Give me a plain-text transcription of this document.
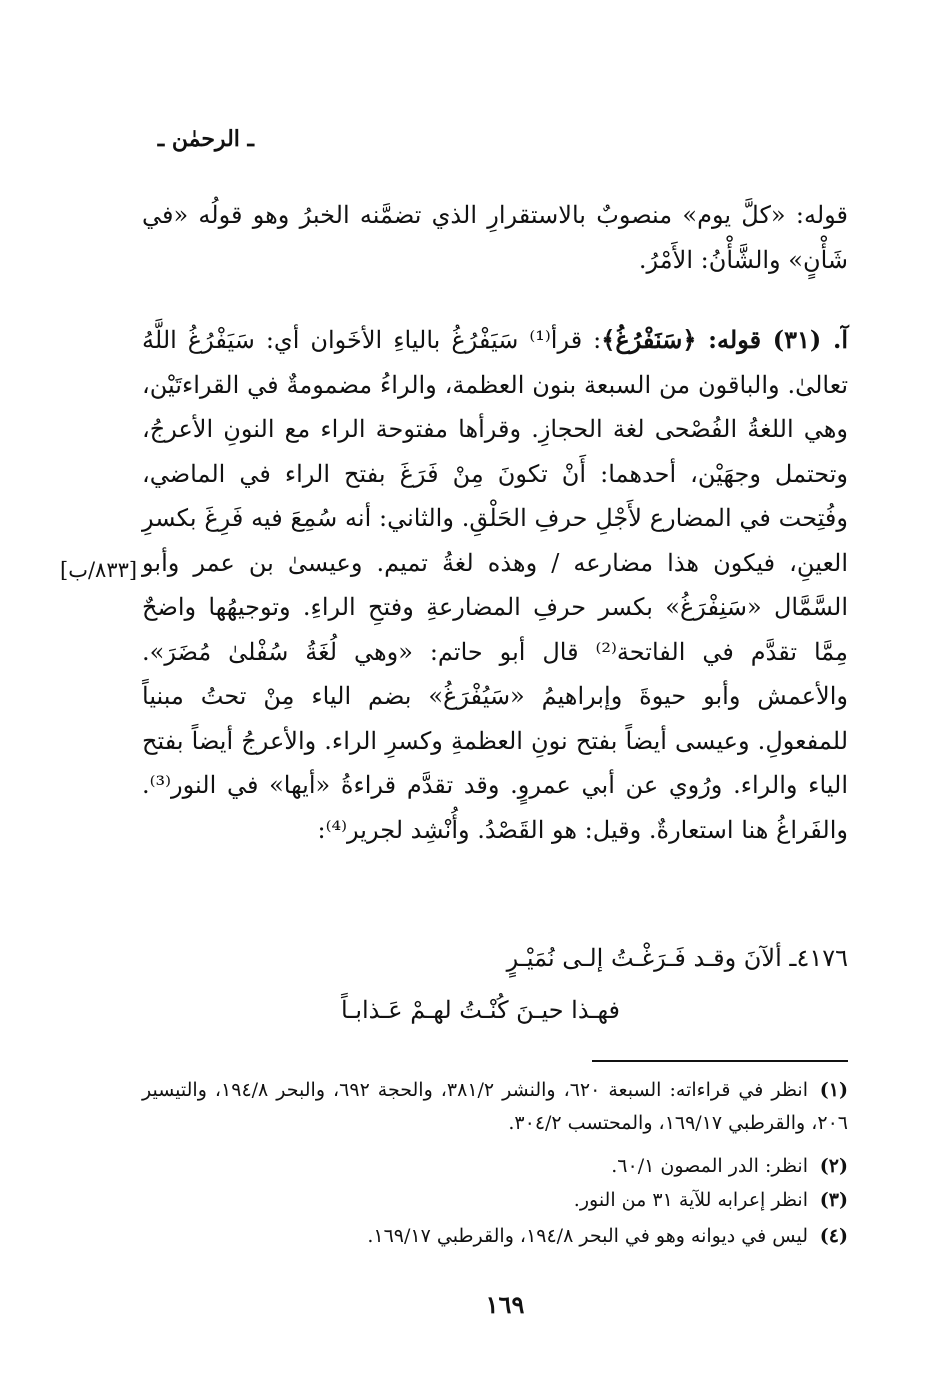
ـ الرحمٰن ـ

قوله: «كلَّ يوم» منصوبٌ بالاستقرارِ الذي تضمَّنه الخبرُ وهو قولُه «في شَأْنٍ» والشَّأْنُ: الأَمْرُ.

آ. (٣١) قوله: ﴿سَنَفْرُغُ﴾: قرأ⁽¹⁾ سَيَفْرُغُ بالياءِ الأخَوان أي: سَيَفْرُغُ اللَّهُ تعالىٰ. والباقون من السبعة بنون العظمة، والراءُ مضمومةٌ في القراءتَيْن، وهي اللغةُ الفُصْحى لغة الحجازِ. وقرأها مفتوحة الراء مع النونِ الأعرجُ، وتحتمل وجهَيْن، أحدهما: أَنْ تكونَ مِنْ فَرَغَ بفتح الراء في الماضي، وفُتِحت في المضارع لأَجْلِ حرفِ الحَلْقِ. والثاني: أنه سُمِعَ فيه فَرِغَ بكسرِ العينِ، فيكون هذا مضارعه / وهذه لغةُ تميم. وعيسىٰ بن عمر وأبو السَّمَّال «سَنِفْرَغُ» بكسر حرفِ المضارعةِ وفتحِ الراءِ. وتوجيهُها واضحٌ مِمَّا تقدَّم في الفاتحة⁽²⁾ قال أبو حاتم: «وهي لُغَةُ سُفْلىٰ مُضَرَ». والأعمش وأبو حيوةَ وإبراهيمُ «سَيُفْرَغُ» بضم الياء مِنْ تحتُ مبنياً للمفعولِ. وعيسى أيضاً بفتح نونِ العظمةِ وكسرِ الراء. والأعرجُ أيضاً بفتح الياء والراء. ورُوي عن أبي عمروٍ. وقد تقدَّم قراءةُ «أيها» في النور⁽³⁾. والفَراغُ هنا استعارةٌ. وقيل: هو القَصْدُ. وأُنْشِد لجرير⁽⁴⁾:

[٨٣٣/ب]
٤١٧٦ـ ألآنَ وقـد فَـرَغْـتُ إلـى نُمَيْـرٍ
فهـذا حيـنَ كُنْـتُ لهـمْ عَـذابـاً
(١)انظر في قراءاته: السبعة ٦٢٠، والنشر ٣٨١/٢، والحجة ٦٩٢، والبحر ١٩٤/٨، والتيسير ٢٠٦، والقرطبي ١٦٩/١٧، والمحتسب ٣٠٤/٢.
(٢)انظر: الدر المصون ٦٠/١.
(٣)انظر إعرابه للآية ٣١ من النور.
(٤)ليس في ديوانه وهو في البحر ١٩٤/٨، والقرطبي ١٦٩/١٧.
١٦٩
